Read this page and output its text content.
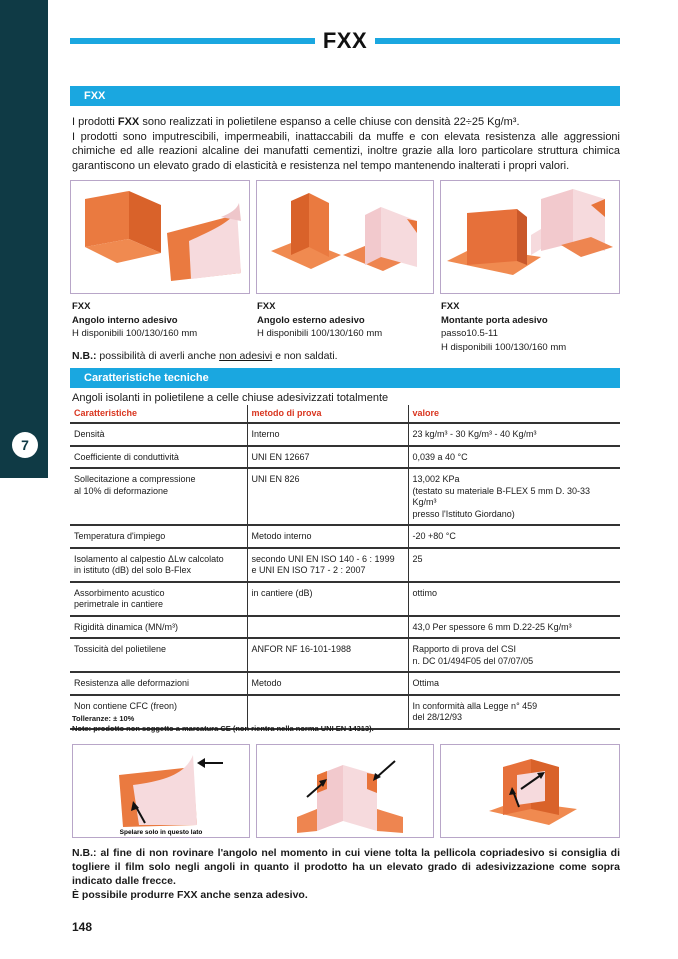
7
FXX
FXX

I prodotti FXX sono realizzati in polietilene espanso a celle chiuse con densità 22÷25 Kg/m³.

I prodotti sono imputrescibili, impermeabili, inattaccabili da muffe e con elevata resistenza alle aggressioni chimiche ed alle reazioni alcaline dei manufatti cementizi, inoltre grazie alla loro particolare struttura chimica garantiscono un elevato grado di elasticità e resistenza nel tempo mantenendo inalterati i propri valori.

FXX
Angolo interno adesivo
H disponibili 100/130/160 mm
FXX
Angolo esterno adesivo
H disponibili 100/130/160 mm
FXX
Montante porta adesivo
passo10.5-11
H disponibili 100/130/160 mm
N.B.: possibilità di averli anche non adesivi e non saldati.
Caratteristiche tecniche
Angoli isolanti in polietilene a celle chiuse adesivizzati totalmente
Caratteristiche	metodo di prova	valore
Densità	Interno	23 kg/m³ - 30 Kg/m³ - 40 Kg/m³
Coefficiente di conduttività	UNI EN 12667	0,039 a 40 °C
Sollecitazione a compressione
al 10% di deformazione	UNI EN 826	13,002 KPa
(testato su materiale B-FLEX 5 mm D. 30-33 Kg/m³
presso l'Istituto Giordano)
Temperatura d'impiego	Metodo interno	-20 +80 °C
Isolamento al calpestio ΔLw calcolato
in istituto (dB) del solo B-Flex	secondo UNI EN ISO 140 - 6 : 1999
e UNI EN ISO 717 - 2 : 2007	25
Assorbimento acustico
perimetrale in cantiere	in cantiere (dB)	ottimo
Rigidità dinamica (MN/m³)		43,0 Per spessore 6 mm D.22-25 Kg/m³
Tossicità del polietilene	ANFOR NF 16-101-1988	Rapporto di prova del CSI
n. DC 01/494F05 del 07/07/05
Resistenza alle deformazioni	Metodo	Ottima
Non contiene CFC (freon)		In conformità alla Legge n° 459
del 28/12/93
Tolleranze: ± 10%
Note: prodotto non soggetto a marcatura CE (non rientra nella norma UNI EN 14313).
Spelare solo in questo lato

N.B.: al fine di non rovinare l'angolo nel momento in cui viene tolta la pellicola copriadesivo si consiglia di togliere il film solo negli angoli in quanto il prodotto ha un elevato grado di adesivizzazione come sopra indicato dalle frecce.

È possibile produrre FXX anche senza adesivo.

148
